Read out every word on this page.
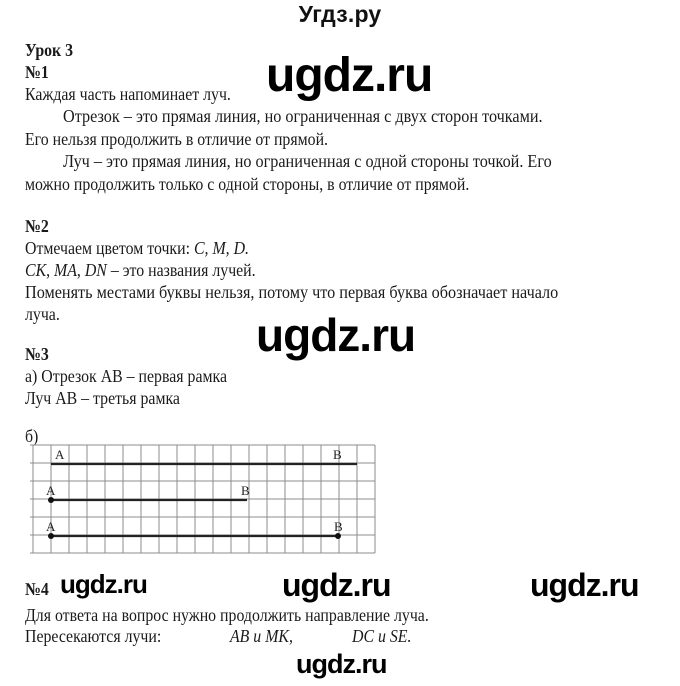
Угдз.ру
Урок 3
№1
Каждая часть напоминает луч.
Отрезок – это прямая линия, но ограниченная с двух сторон точками.
Его нельзя продолжить в отличие от прямой.
Луч – это прямая линия, но ограниченная с одной стороны точкой. Его
можно продолжить только с одной стороны, в отличие от прямой.
№2
Отмечаем цветом точки: C, M, D.
CK, MA, DN – это названия лучей.
Поменять местами буквы нельзя, потому что первая буква обозначает начало
луча.
№3
а) Отрезок АВ – первая рамка
Луч АВ – третья рамка
б)
A	B
A	B
A	B
№4
Для ответа на вопрос нужно продолжить направление луча.
Пересекаются лучи:	AB и MK,	DC и SE.
ugdz.ru
ugdz.ru
ugdz.ru	ugdz.ru	ugdz.ru
ugdz.ru
